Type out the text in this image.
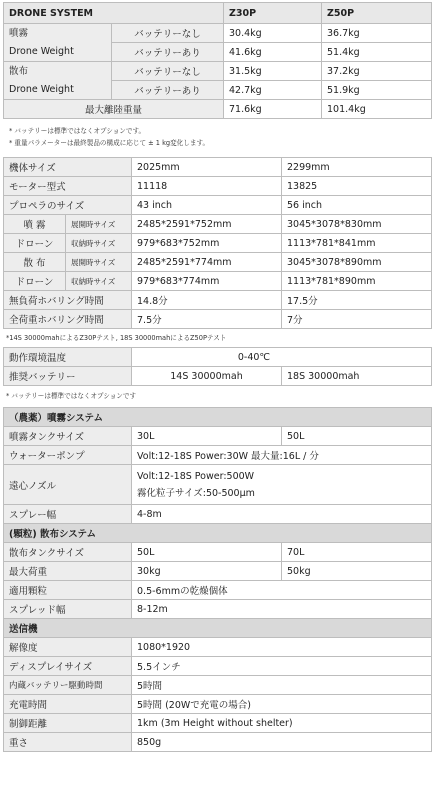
DRONE SYSTEM		Z30P	Z50P

噴霧
Drone Weight	バッテリーなし	30.4kg	36.7kg
	バッテリーあり	41.6kg	51.4kg

散布
Drone Weight	バッテリーなし	31.5kg	37.2kg
	バッテリーあり	42.7kg	51.9kg
最大離陸重量		71.6kg	101.4kg
* バッテリーは標準ではなくオプションです。
* 重量パラメーターは最終製品の構成に応じて ± 1 kg変化します。
機体サイズ		2025mm	2299mm
モーター型式		11118	13825
プロペラのサイズ		43 inch	56 inch
噴 霧	展開時サイズ	2485*2591*752mm	3045*3078*830mm
ドローン	収納時サイズ	979*683*752mm	1113*781*841mm
散 布	展開時サイズ	2485*2591*774mm	3045*3078*890mm
ドローン	収納時サイズ	979*683*774mm	1113*781*890mm
無負荷ホバリング時間		14.8分	17.5分
全荷重ホバリング時間		7.5分	7分
*14S 30000mahによるZ30Pテスト, 18S 30000mahによるZ50Pテスト
動作環境温度	0-40℃	
推奨バッテリー	14S 30000mah	18S 30000mah
* バッテリーは標準ではなくオプションです
（農薬）噴霧システム		
噴霧タンクサイズ	30L	50L
ウォーターポンプ	Volt:12-18S Power:30W 最大量:16L / 分	
遠心ノズル	Volt:12-18S Power:500W
霧化粒子サイズ:50-500μm	

スプレー幅	4-8m	
(顆粒) 散布システム		
散布タンクサイズ	50L	70L
最大荷重	30kg	50kg
適用顆粒	0.5-6mmの乾燥個体	
スプレッド幅	8-12m	
送信機		
解像度	1080*1920	
ディスプレイサイズ	5.5インチ	
内蔵バッテリー駆動時間	5時間	
充電時間	5時間 (20Wで充電の場合)	
制御距離	1km (3m Height without shelter)	
重さ	850g	
